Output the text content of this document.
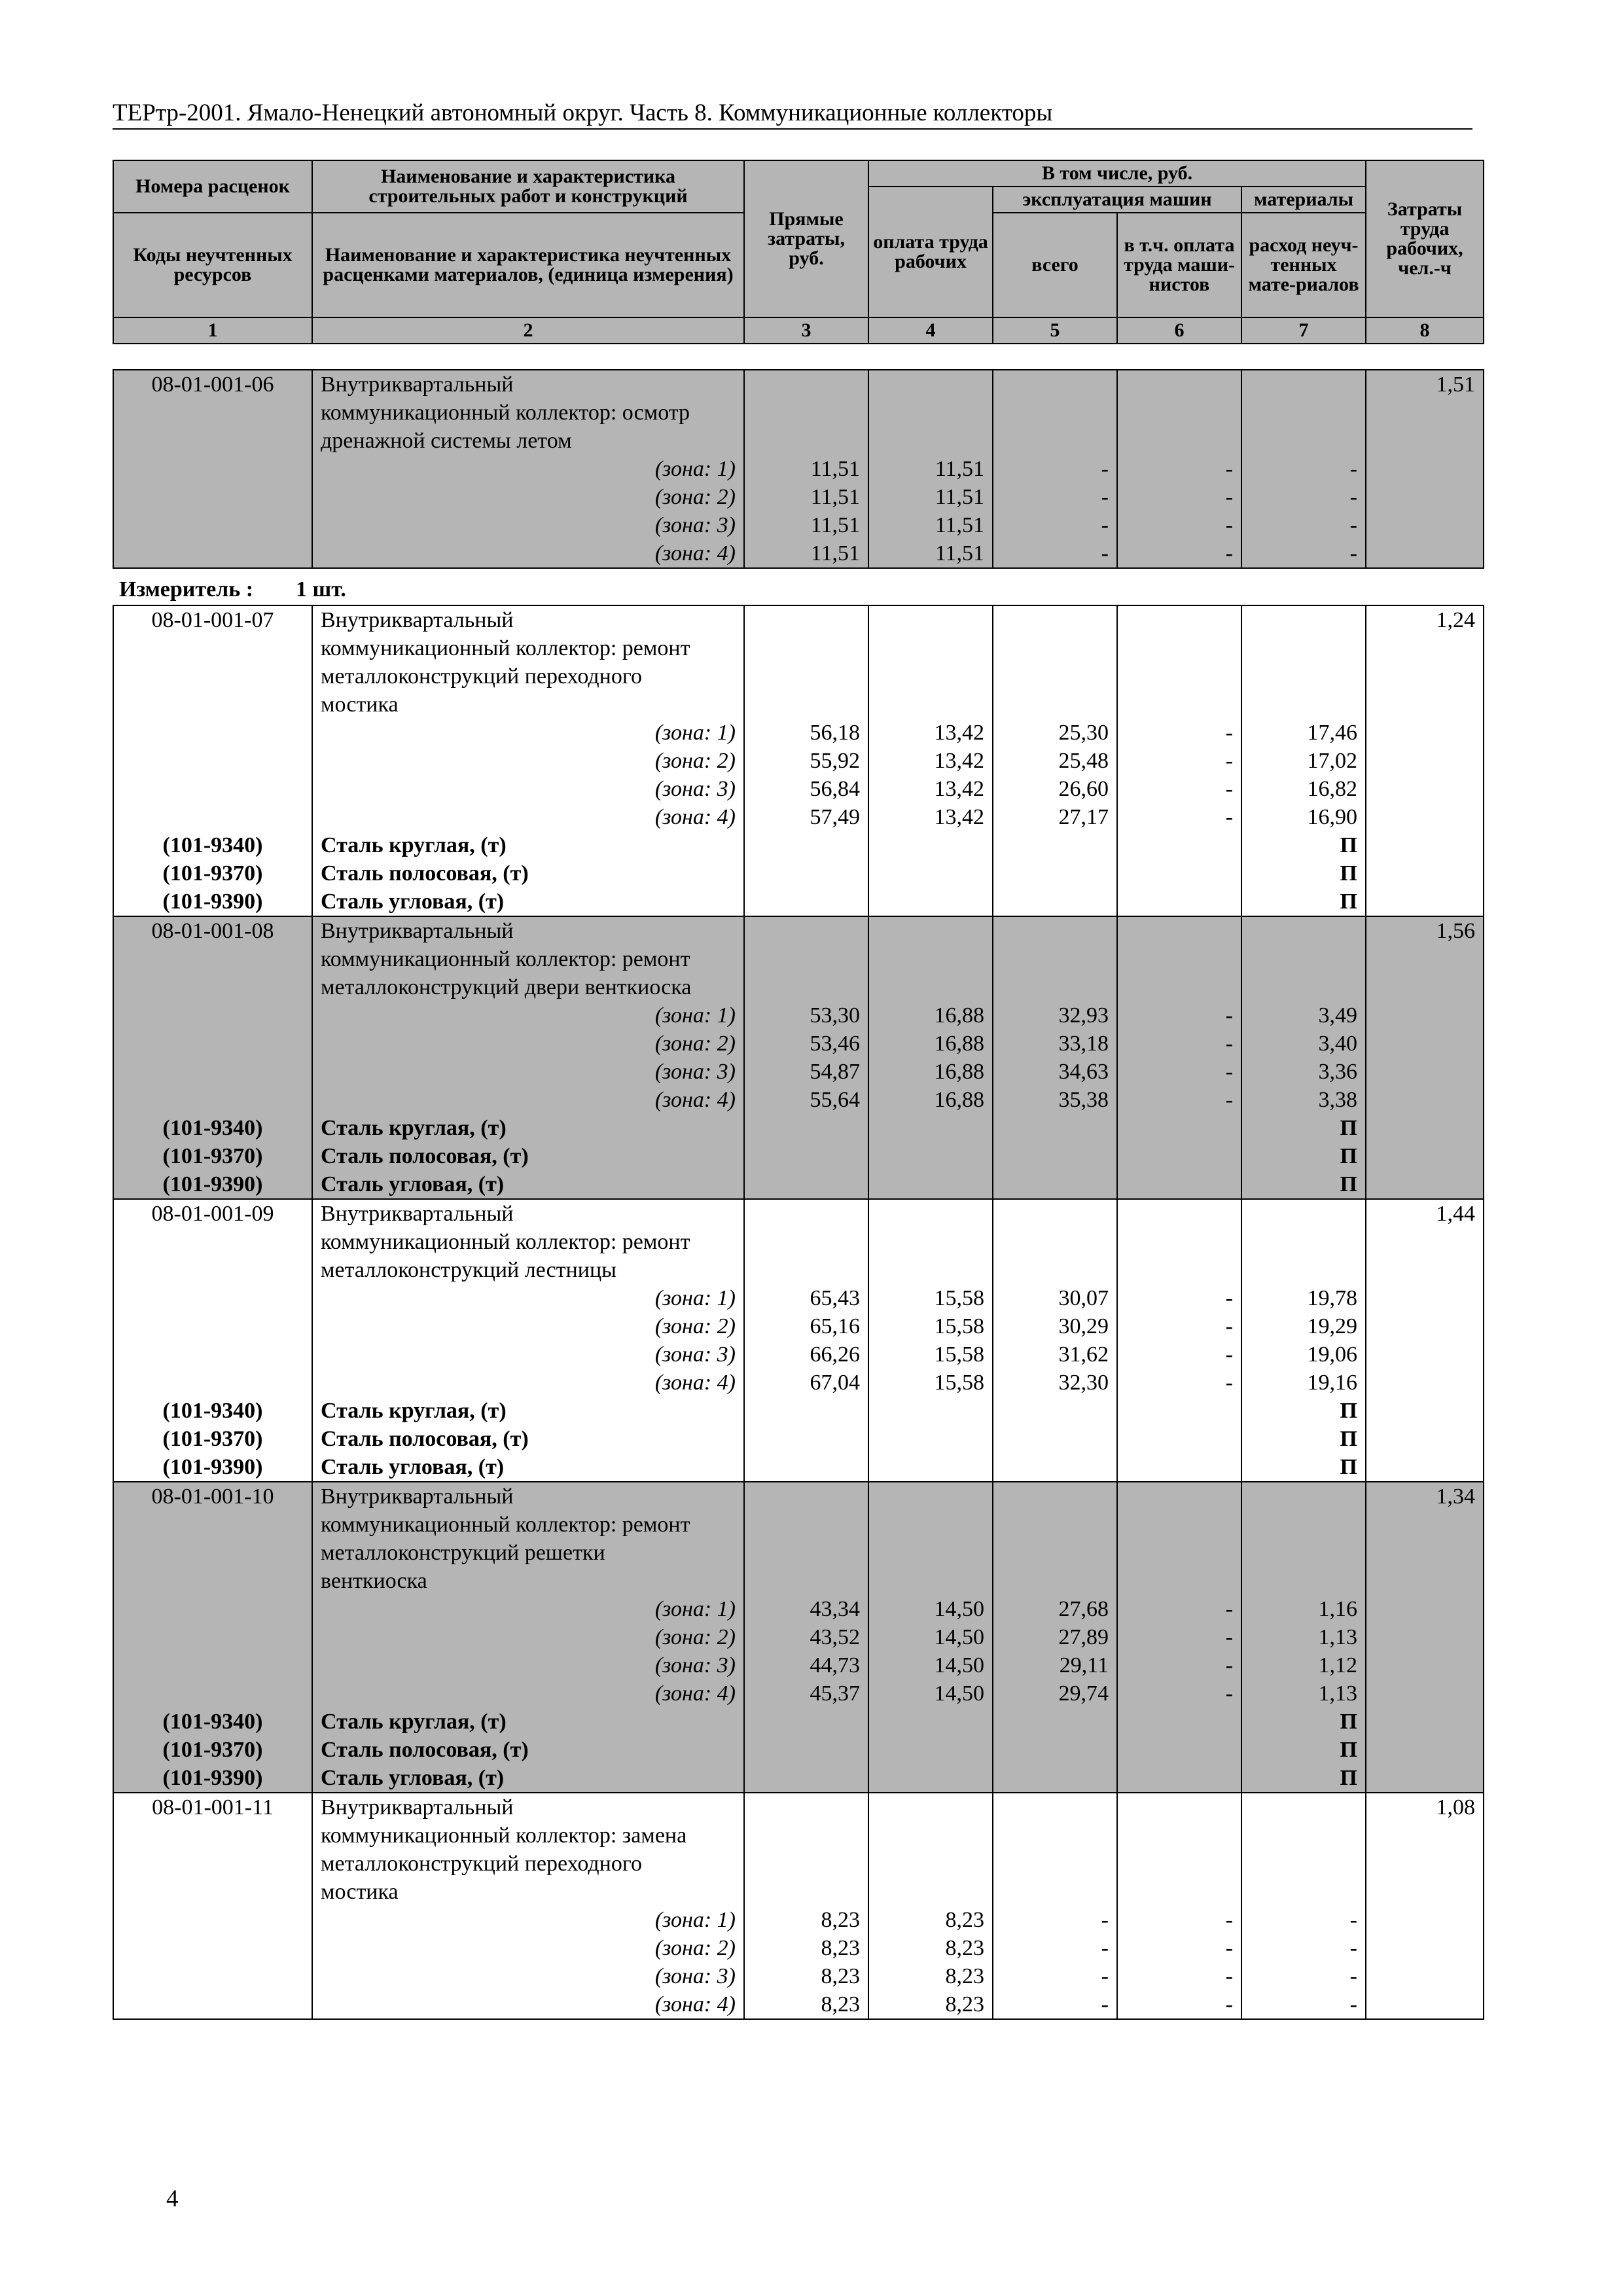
ТЕРтр-2001. Ямало-Ненецкий автономный округ. Часть 8. Коммуникационные коллекторы
Номера расценок	Наименование и характеристика строительных работ и конструкций	Прямые затраты, руб.	В том числе, руб.				Затраты труда рабочих, чел.-ч
			оплата труда рабочих	эксплуатация машин		материалы	
Коды неучтенных ресурсов	Наименование и характеристика неучтенных расценками материалов, (единица измерения)			всего	в т.ч. оплата труда маши-нистов	расход неуч-тенных мате-риалов	

1	2	3	4	5	6	7	8
08-01-001-06	Внутриквартальный						1,51
	коммуникационный коллектор: осмотр						
	дренажной системы летом						
	(зона: 1)	11,51	11,51	-	-	-	
	(зона: 2)	11,51	11,51	-	-	-	
	(зона: 3)	11,51	11,51	-	-	-	
	(зона: 4)	11,51	11,51	-	-	-	
Измеритель : 1 шт.
08-01-001-07	Внутриквартальный						1,24
	коммуникационный коллектор: ремонт						
	металлоконструкций переходного						
	мостика						
	(зона: 1)	56,18	13,42	25,30	-	17,46	
	(зона: 2)	55,92	13,42	25,48	-	17,02	
	(зона: 3)	56,84	13,42	26,60	-	16,82	
	(зона: 4)	57,49	13,42	27,17	-	16,90	
(101-9340)	Сталь круглая, (т)					П	
(101-9370)	Сталь полосовая, (т)					П	
(101-9390)	Сталь угловая, (т)					П	
08-01-001-08	Внутриквартальный						1,56
	коммуникационный коллектор: ремонт						
	металлоконструкций двери венткиоска						
	(зона: 1)	53,30	16,88	32,93	-	3,49	
	(зона: 2)	53,46	16,88	33,18	-	3,40	
	(зона: 3)	54,87	16,88	34,63	-	3,36	
	(зона: 4)	55,64	16,88	35,38	-	3,38	
(101-9340)	Сталь круглая, (т)					П	
(101-9370)	Сталь полосовая, (т)					П	
(101-9390)	Сталь угловая, (т)					П	
08-01-001-09	Внутриквартальный						1,44
	коммуникационный коллектор: ремонт						
	металлоконструкций лестницы						
	(зона: 1)	65,43	15,58	30,07	-	19,78	
	(зона: 2)	65,16	15,58	30,29	-	19,29	
	(зона: 3)	66,26	15,58	31,62	-	19,06	
	(зона: 4)	67,04	15,58	32,30	-	19,16	
(101-9340)	Сталь круглая, (т)					П	
(101-9370)	Сталь полосовая, (т)					П	
(101-9390)	Сталь угловая, (т)					П	
08-01-001-10	Внутриквартальный						1,34
	коммуникационный коллектор: ремонт						
	металлоконструкций решетки						
	венткиоска						
	(зона: 1)	43,34	14,50	27,68	-	1,16	
	(зона: 2)	43,52	14,50	27,89	-	1,13	
	(зона: 3)	44,73	14,50	29,11	-	1,12	
	(зона: 4)	45,37	14,50	29,74	-	1,13	
(101-9340)	Сталь круглая, (т)					П	
(101-9370)	Сталь полосовая, (т)					П	
(101-9390)	Сталь угловая, (т)					П	
08-01-001-11	Внутриквартальный						1,08
	коммуникационный коллектор: замена						
	металлоконструкций переходного						
	мостика						
	(зона: 1)	8,23	8,23	-	-	-	
	(зона: 2)	8,23	8,23	-	-	-	
	(зона: 3)	8,23	8,23	-	-	-	
	(зона: 4)	8,23	8,23	-	-	-	
4
